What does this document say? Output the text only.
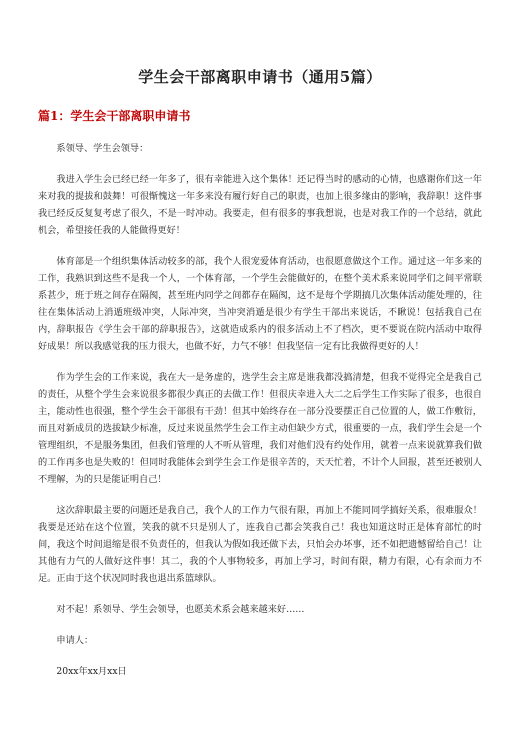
学生会干部离职申请书（通用5篇）
篇1：学生会干部离职申请书

系领导、学生会领导：

我进入学生会已经已经一年多了，很有幸能进入这个集体！还记得当时的感动的心情，也感谢你们这一年来对我的提拔和鼓舞！可很惭愧这一年多来没有履行好自己的职责，也加上很多缘由的影响，我辞职！这件事我已经反反复复考虑了很久，不是一时冲动。我要走，但有很多的事我想说，也是对我工作的一个总结，就此机会，希望接任我的人能做得更好！

体育部是一个组织集体活动较多的部，我个人很宠爱体育活动，也很愿意做这个工作。通过这一年多来的工作，我熟识到这些不是我一个人，一个体育部，一个学生会能做好的，在整个美术系来说同学们之间平常联系甚少，班于班之间存在隔阂，甚至班内同学之间都存在隔阂，这不是每个学期搞几次集体活动能处理的，往往在集体活动上消遁班级冲突，人际冲突，当冲突消遁是很少有学生干部出来说话，不瞅说！包括我自己在内，辞职报告《学生会干部的辞职报告》，这就造成系内的很多活动上不了档次，更不要说在院内活动中取得好成果！所以我感觉我的压力很大，也做不好，力气不够！但我坚信一定有比我做得更好的人！

作为学生会的工作来说，我在大一是务虚的，选学生会主席是谁我都没搞清楚，但我不觉得完全是我自己的责任，从整个学生会来说很多都很少真正的去做工作！但很庆幸进入大二之后学生工作实际了很多，也很自主，能动性也很强，整个学生会干部很有干劲！但其中始终存在一部分没要摆正自己位置的人，做工作敷衍，而且对新成员的选拔缺少标准，反过来说虽然学生会工作主动但缺少方式，很重要的一点，我们学生会是一个管理组织，不是服务集团，但我们管理的人不听从管理，我们对他们没有约处作用，就着一点来说就算我们做的工作再多也是失败的！但同时我能体会到学生会工作是很辛苦的，天天忙着，不计个人回报，甚至还被别人不理解，为的只是能证明自己！

这次辞职最主要的问题还是我自己，我个人的工作力气很有限，再加上不能同同学搞好关系，很难服众！我要是还站在这个位置，笑我的就不只是别人了，连我自己都会笑我自己！我也知道这时正是体育部忙的时间，我这个时间退缩是很不负责任的，但我认为假如我还做下去，只怕会办坏事，还不如把遗憾留给自己！让其他有力气的人做好这件事！其二，我的个人事物较多，再加上学习，时间有限，精力有限，心有余而力不足。正由于这个状况同时我也退出系篮球队。

对不起！系领导、学生会领导，也愿美术系会越来越来好……

申请人：

20xx年xx月xx日
